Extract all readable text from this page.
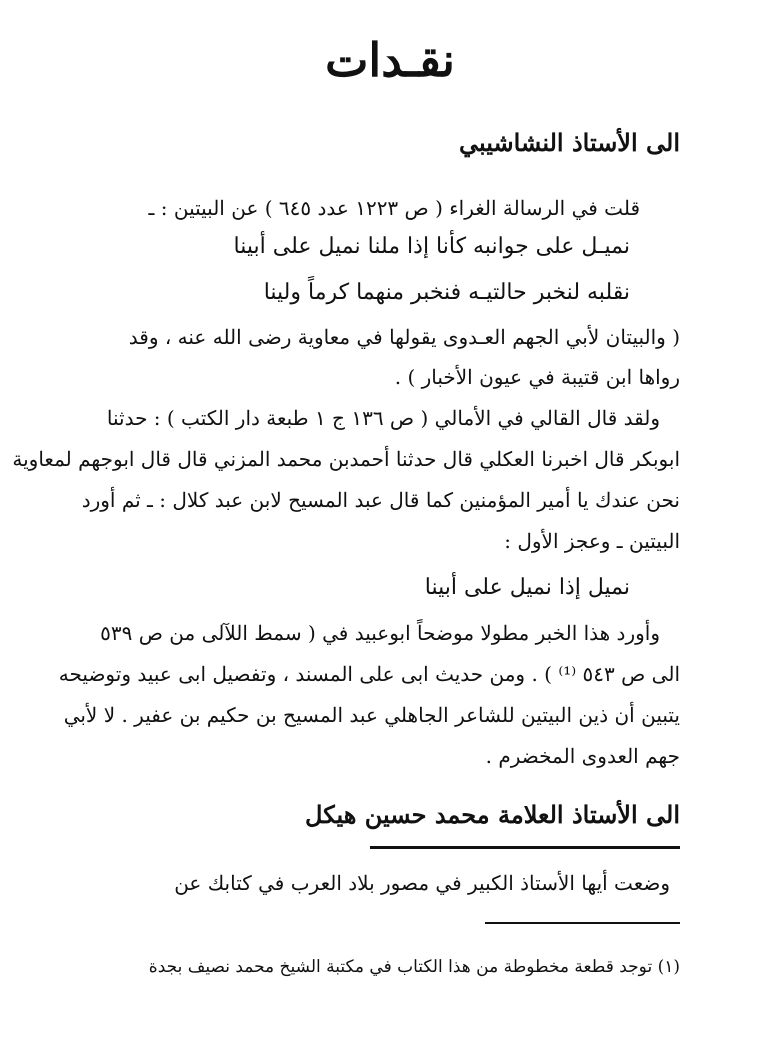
نقـدات
الى الأستاذ النشاشيبي
قلت في الرسالة الغراء ( ص ١٢٢٣ عدد ٦٤٥ ) عن البيتين : ـ
نميـل على جوانبه كأنا إذا ملنا نميل على أبينا
نقلبه لنخبر حالتيـه فنخبر منهما كرماً ولينا
( والبيتان لأبي الجهم العـدوى يقولها في معاوية رضى الله عنه ، وقد
رواها ابن قتيبة في عيون الأخبار ) .
ولقد قال القالي في الأمالي ( ص ١٣٦ ج ١ طبعة دار الكتب ) : حدثنا
ابوبكر قال اخبرنا العكلي قال حدثنا أحمدبن محمد المزني قال قال ابوجهم لمعاوية
نحن عندك يا أمير المؤمنين كما قال عبد المسيح لابن عبد كلال : ـ ثم أورد
البيتين ـ وعجز الأول :
نميل إذا نميل على أبينا
وأورد هذا الخبر مطولا موضحاً ابوعبيد في ( سمط اللآلى من ص ٥٣٩
الى ص ٥٤٣ ⁽¹⁾ ) . ومن حديث ابى على المسند ، وتفصيل ابى عبيد وتوضيحه
يتبين أن ذين البيتين للشاعر الجاهلي عبد المسيح بن حكيم بن عفير . لا لأبي
جهم العدوى المخضرم .
الى الأستاذ العلامة محمد حسين هيكل
وضعت أيها الأستاذ الكبير في مصور بلاد العرب في كتابك عن
(١) توجد قطعة مخطوطة من هذا الكتاب في مكتبة الشيخ محمد نصيف بجدة
